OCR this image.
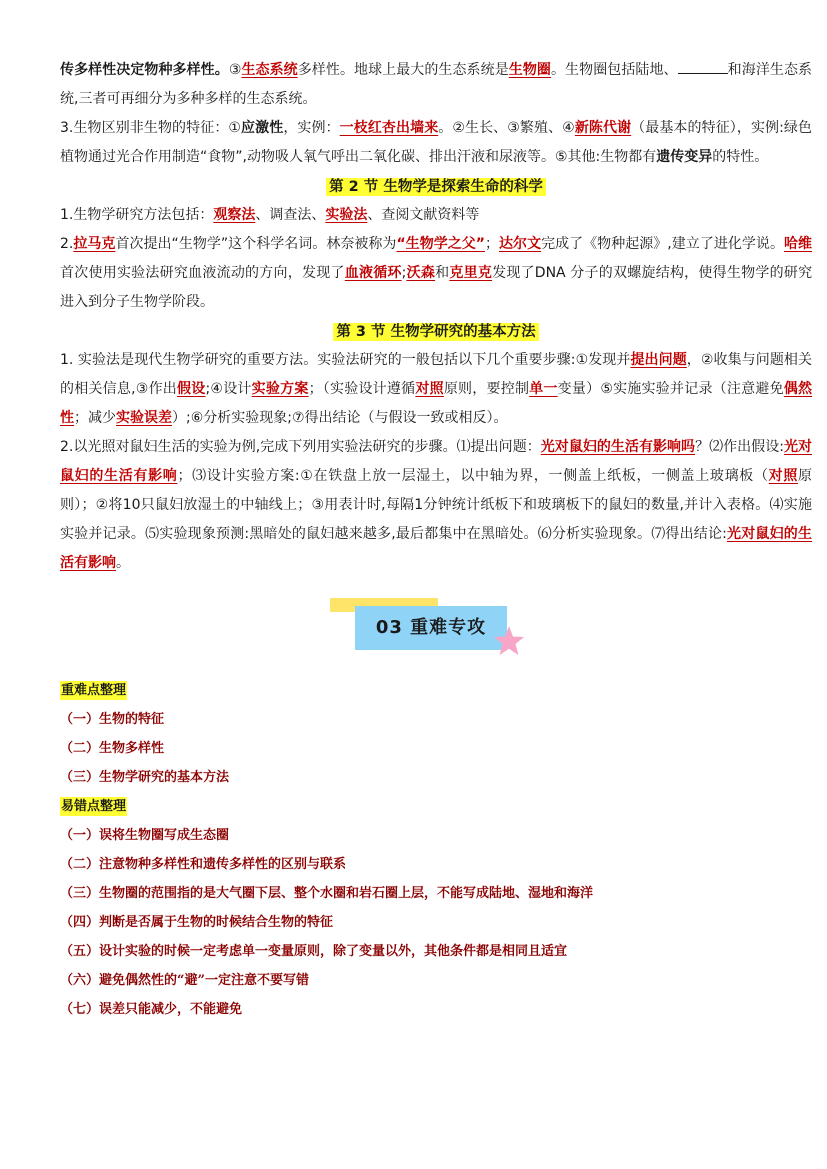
传多样性决定物种多样性。③生态系统多样性。地球上最大的生态系统是生物圈。生物圈包括陆地、	和海洋生态系统,三者可再细分为多种多样的生态系统。

3.生物区别非生物的特征：①应激性，实例：一枝红杏出墙来。②生长、③繁殖、④新陈代谢（最基本的特征），实例:绿色植物通过光合作用制造“食物”,动物吸人氧气呼出二氧化碳、排出汗液和尿液等。⑤其他:生物都有遗传变异的特性。

第 2 节 生物学是探索生命的科学

1.生物学研究方法包括：观察法、调查法、实验法、查阅文献资料等

2.拉马克首次提出“生物学”这个科学名词。林奈被称为“生物学之父”；达尔文完成了《物种起源》,建立了进化学说。哈维首次使用实验法研究血液流动的方向，发现了血液循环;沃森和克里克发现了DNA 分子的双螺旋结构，使得生物学的研究进入到分子生物学阶段。

第 3 节 生物学研究的基本方法

1. 实验法是现代生物学研究的重要方法。实验法研究的一般包括以下几个重要步骤:①发现并提出问题，②收集与问题相关的相关信息,③作出假设;④设计实验方案；（实验设计遵循对照原则，要控制单一变量）⑤实施实验并记录（注意避免偶然性；减少实验误差）;⑥分析实验现象;⑦得出结论（与假设一致或相反）。

2.以光照对鼠妇生活的实验为例,完成下列用实验法研究的步骤。⑴提出问题：光对鼠妇的生活有影响吗？⑵作出假设:光对鼠妇的生活有影响；⑶设计实验方案:①在铁盘上放一层湿土，以中轴为界，一侧盖上纸板，一侧盖上玻璃板（对照原则）；②将10只鼠妇放湿土的中轴线上；③用表计时,每隔1分钟统计纸板下和玻璃板下的鼠妇的数量,并计入表格。⑷实施实验并记录。⑸实验现象预测:黑暗处的鼠妇越来越多,最后都集中在黑暗处。⑹分析实验现象。⑺得出结论:光对鼠妇的生活有影响。

03 重难专攻
重难点整理
（一）生物的特征
（二）生物多样性
（三）生物学研究的基本方法
易错点整理
（一）误将生物圈写成生态圈
（二）注意物种多样性和遗传多样性的区别与联系
（三）生物圈的范围指的是大气圈下层、整个水圈和岩石圈上层，不能写成陆地、湿地和海洋
（四）判断是否属于生物的时候结合生物的特征
（五）设计实验的时候一定考虑单一变量原则，除了变量以外，其他条件都是相同且适宜
（六）避免偶然性的“避”一定注意不要写错
（七）误差只能减少，不能避免
